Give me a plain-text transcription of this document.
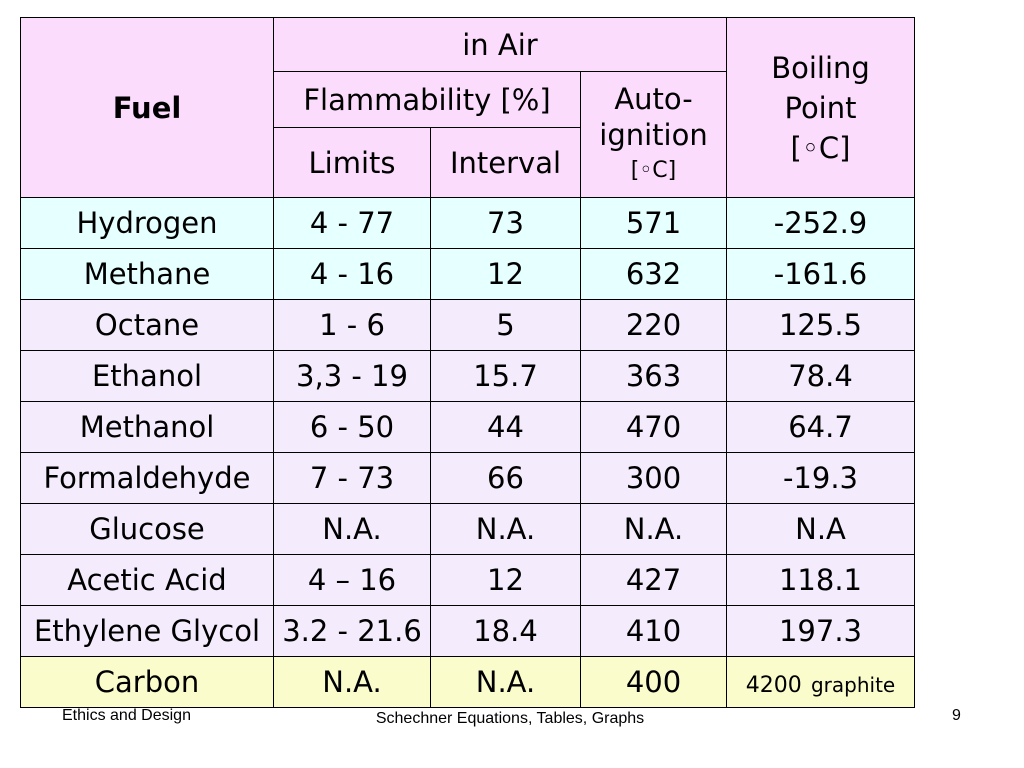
Fuel	in Air			Boiling
Point
[◦C]

	Flammability [%]		Auto-
ignition
[◦C]	

	Limits	Interval		
Hydrogen	4 - 77	73	571	-252.9
Methane	4 - 16	12	632	-161.6
Octane	1 - 6	5	220	125.5
Ethanol	3,3 - 19	15.7	363	78.4
Methanol	6 - 50	44	470	64.7
Formaldehyde	7 - 73	66	300	-19.3
Glucose	N.A.	N.A.	N.A.	N.A
Acetic Acid	4 – 16	12	427	118.1
Ethylene Glycol	3.2 - 21.6	18.4	410	197.3
Carbon	N.A.	N.A.	400	4200 graphite
Ethics and Design	Schechner Equations, Tables, Graphs	9
